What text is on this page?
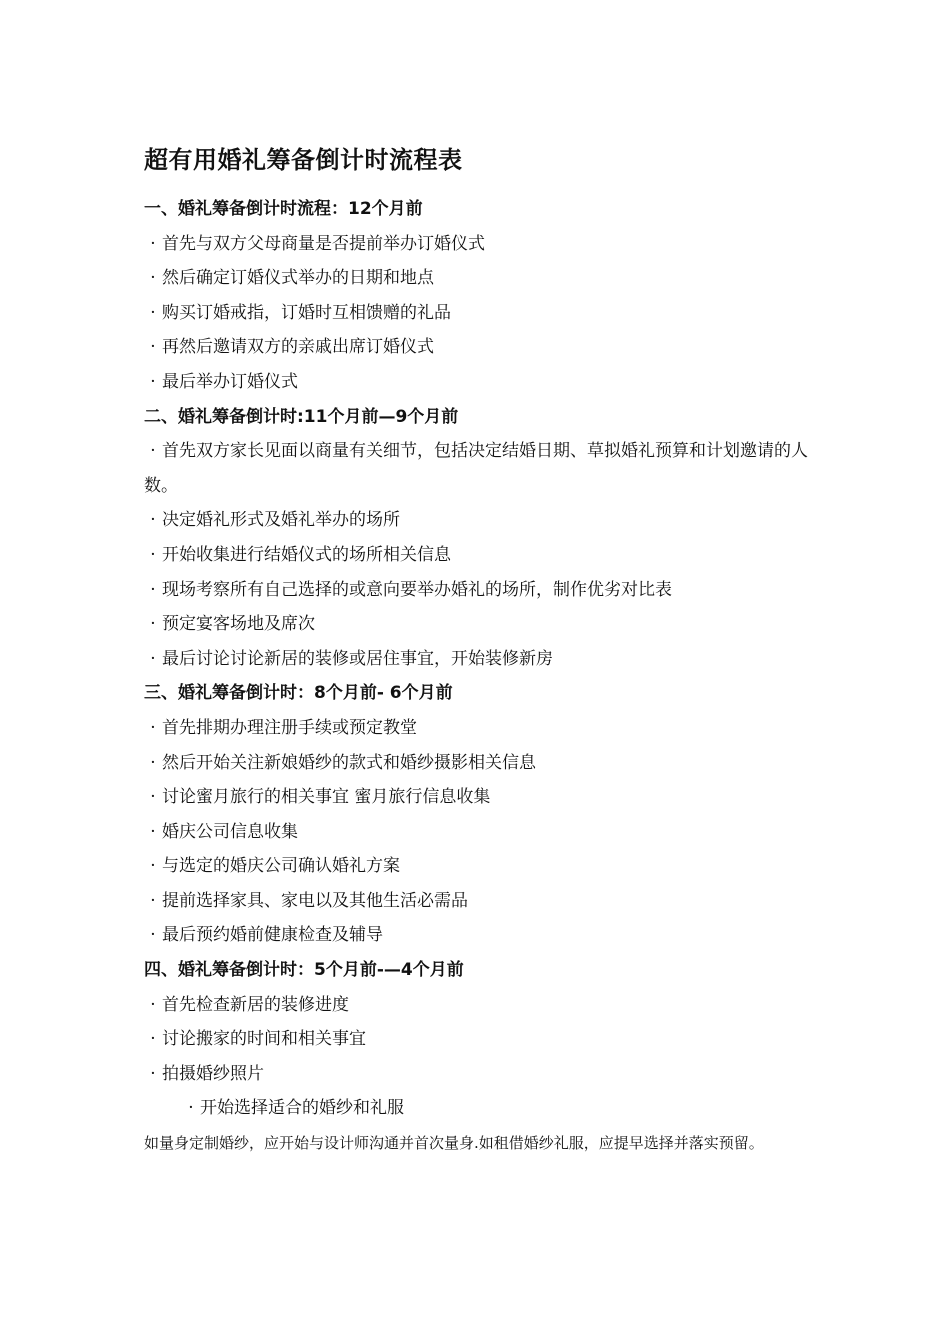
超有用婚礼筹备倒计时流程表
一、婚礼筹备倒计时流程：12个月前
· 首先与双方父母商量是否提前举办订婚仪式
· 然后确定订婚仪式举办的日期和地点
· 购买订婚戒指，订婚时互相馈赠的礼品
· 再然后邀请双方的亲戚出席订婚仪式
· 最后举办订婚仪式
二、婚礼筹备倒计时:11个月前—9个月前
· 首先双方家长见面以商量有关细节，包括决定结婚日期、草拟婚礼预算和计划邀请的人数。
· 决定婚礼形式及婚礼举办的场所
· 开始收集进行结婚仪式的场所相关信息
· 现场考察所有自己选择的或意向要举办婚礼的场所，制作优劣对比表
· 预定宴客场地及席次
· 最后讨论讨论新居的装修或居住事宜，开始装修新房
三、婚礼筹备倒计时：8个月前- 6个月前
· 首先排期办理注册手续或预定教堂
· 然后开始关注新娘婚纱的款式和婚纱摄影相关信息
· 讨论蜜月旅行的相关事宜 蜜月旅行信息收集
· 婚庆公司信息收集
· 与选定的婚庆公司确认婚礼方案
· 提前选择家具、家电以及其他生活必需品
· 最后预约婚前健康检查及辅导
四、婚礼筹备倒计时：5个月前-—4个月前
· 首先检查新居的装修进度
· 讨论搬家的时间和相关事宜
· 拍摄婚纱照片
· 开始选择适合的婚纱和礼服
如量身定制婚纱，应开始与设计师沟通并首次量身.如租借婚纱礼服，应提早选择并落实预留。
